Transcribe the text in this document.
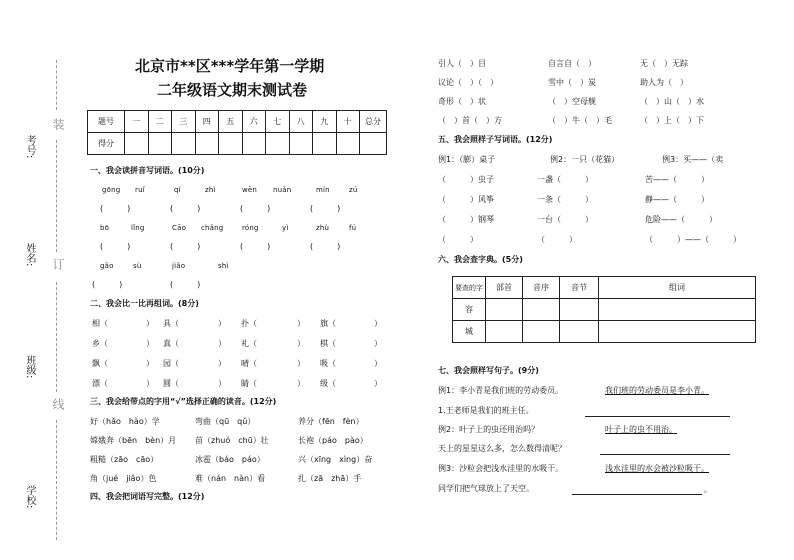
考号:
姓名:
班级:
学校:
装
订
线
北京市**区***学年第一学期
二年级语文期末测试卷
题号	一	二	三	四	五	六	七	八	九	十	总分
得分											
一、我会读拼音写词语。(10分)
gōng ruǐ	qí	zhì	wēn nuǎn	mín	zú
(　　　)	(　　　)	(　　　)	(　　　)
bō	lǐng	Cāo chǎng	róng	yì	zhù	fú
(　　　)	(　　　)	(　　　)	(　　　)
gǎo	sù	jiǎo	shì
(　　　)	(　　　)
二、我会比一比再组词。(8分)
相（	） 具（	） 扑（	） 旗（	）
乡（	） 真（	） 礼（	） 棋（	）
飘（	） 园（	） 晴（	） 吸（	）
漂（	） 圆（	） 睛（	） 级（	）
三、我会给带点的字用“√”选择正确的读音。(12分)
好（hǎo　hào）学	弯曲（qū　qǔ）	养分（fēn　fèn）
嫦娥奔（bēn　bèn）月 苗（zhuó　chū）壮	长袍（páo　pào）
粗糙（zāo　cāo）	冰雹（báo　páo）	兴（xīng　xìng）奋
角（jué　jiǎo）色	难（nán　nàn）看	扎（zā　zhā）手
四、我会把词语写完整。(12分)
引人（　）目	自言自（　）	无（　）无踪
议论（　）（　）	雪中（　）炭	助人为（　）
奇形（　）状	（　）空母舰	（　）山（　）水
（　）首（　）方	（　）牛（　）毛	（　）上（　）下
五、我会照样子写词语。(12分)
例1：（膨）桌子	例2：一只（花猫）	例3：买——（卖
（　　　）虫子	一盏（　　　）	苦——（　　　）
（　　　）风筝	一条（　　　）	静——（　　　）
（　　　）钢琴	一台（　　　）	危险——（　　　）
（　　　）	（　　　）	（　　　）——（　　　）
六、我会查字典。(5分)
要查的字	部首	音序	音节	组词
容				
城				
七、我会照样写句子。(9分)
例1：李小青是我们班的劳动委员。	我们班的劳动委员是李小青。
1.王老师是我们的班主任。
例2：叶子上的虫还用治吗？	叶子上的虫不用治。
天上的星星这么多，怎么数得清呢？
例3：沙粒会把浅水洼里的水吸干。	浅水洼里的水会被沙粒吸干。
同学们把气球放上了天空。	。
